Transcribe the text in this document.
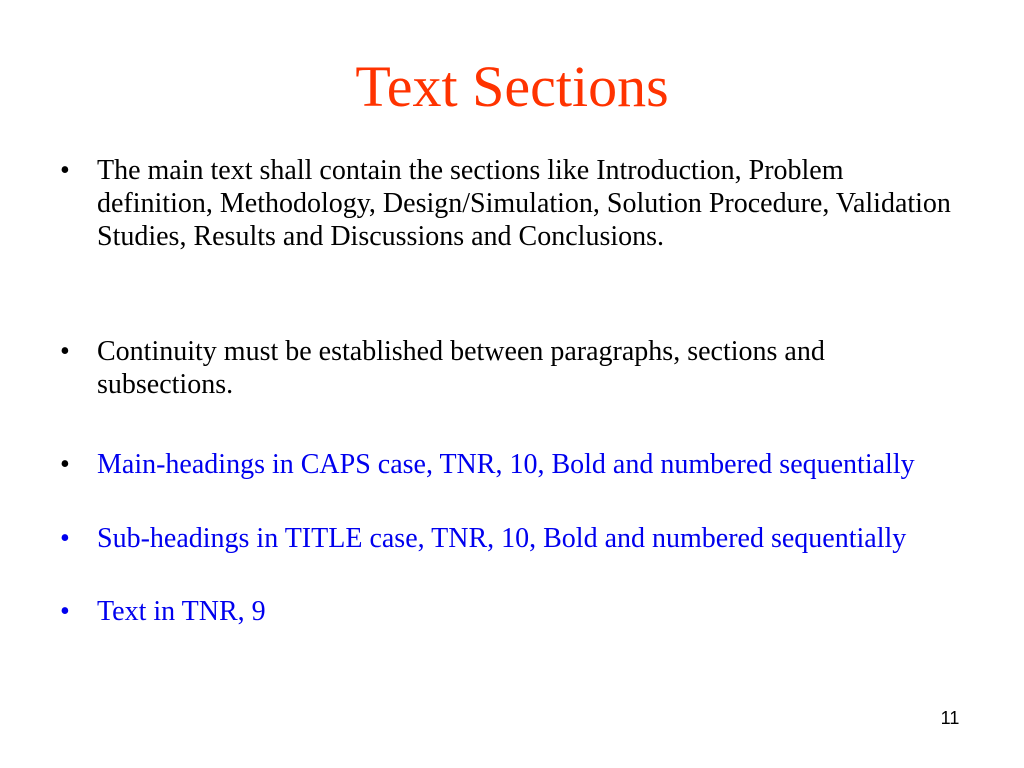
Text Sections
• The main text shall contain the sections like Introduction, Problem definition, Methodology, Design/Simulation, Solution Procedure, Validation Studies, Results and Discussions and Conclusions.
• Continuity must be established between paragraphs, sections and subsections.
• Main-headings in CAPS case, TNR, 10, Bold and numbered sequentially
• Sub-headings in TITLE case, TNR, 10, Bold and numbered sequentially
• Text in TNR, 9
11
